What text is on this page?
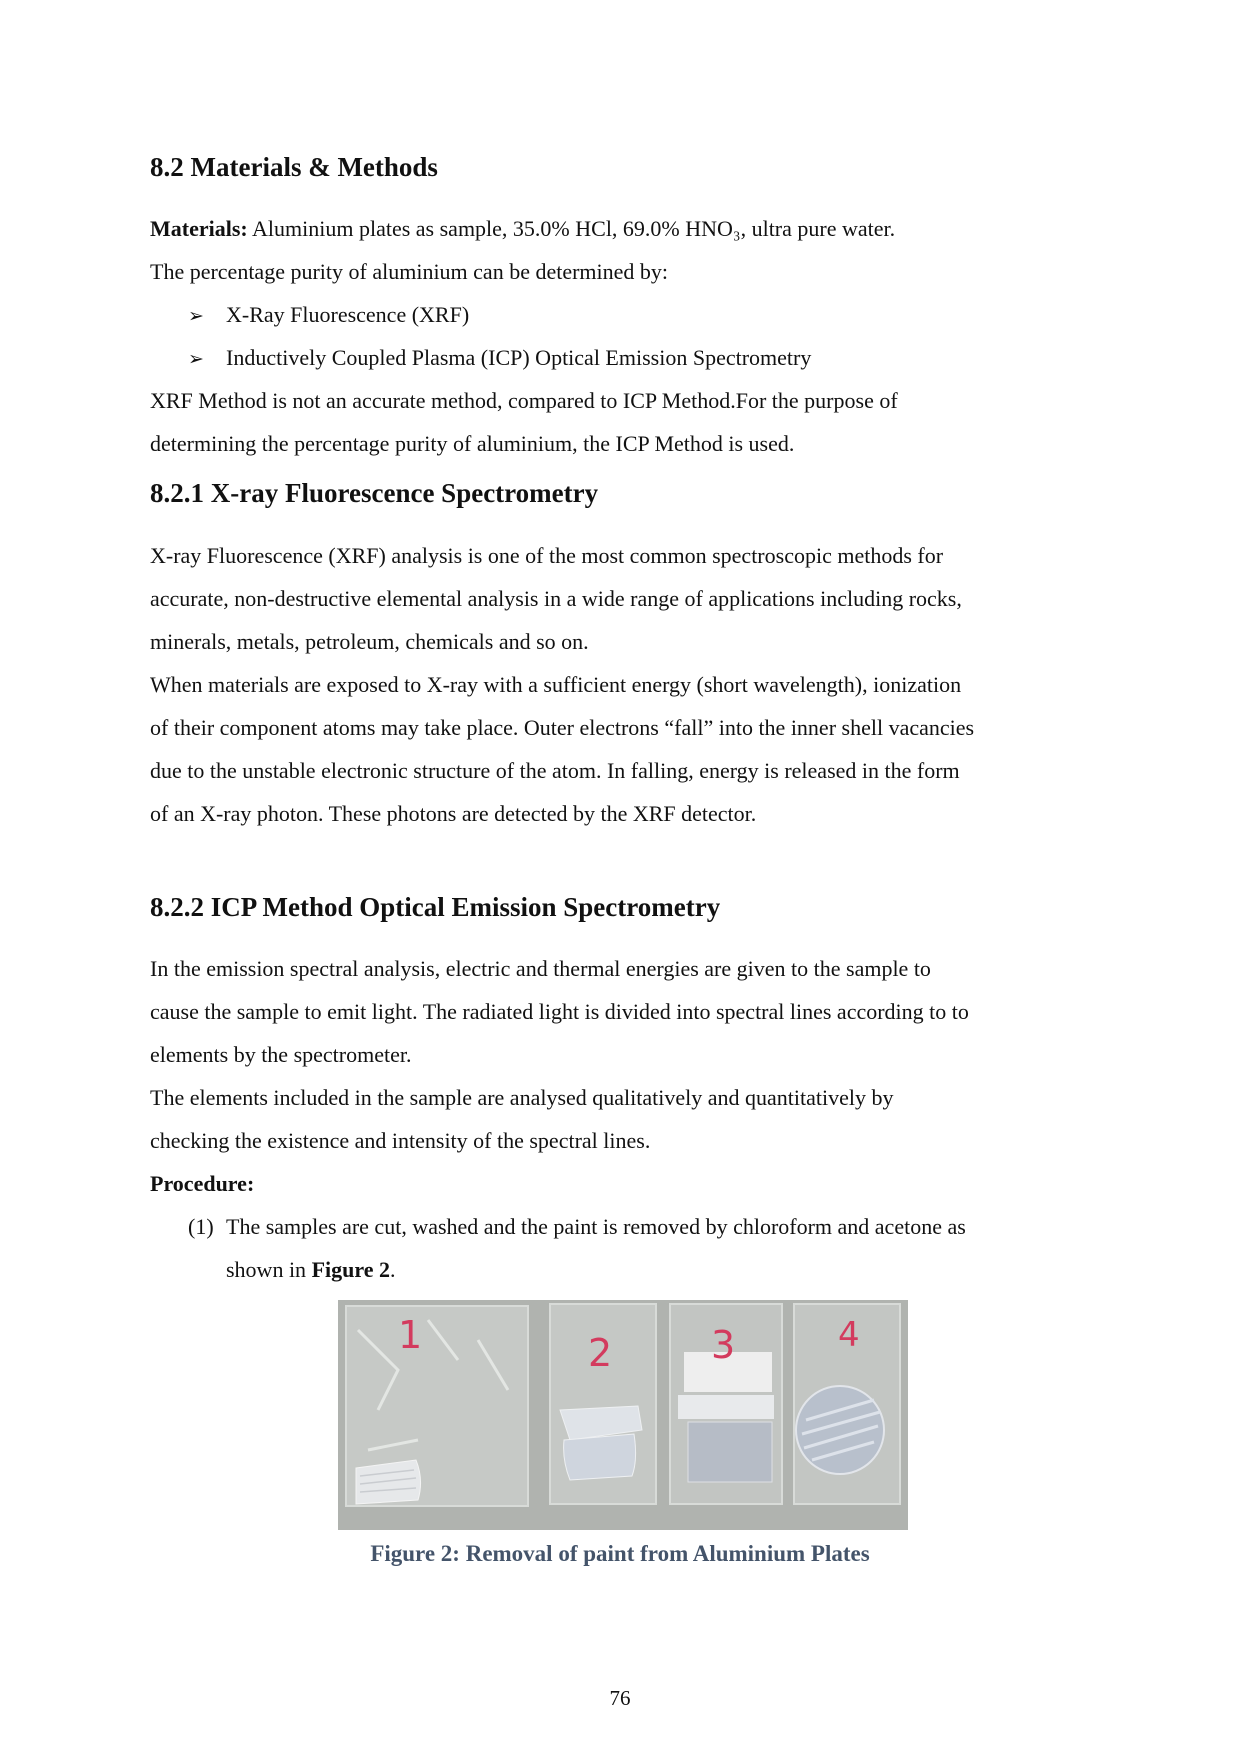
8.2 Materials & Methods
Materials: Aluminium plates as sample, 35.0% HCl, 69.0% HNO₃, ultra pure water.
The percentage purity of aluminium can be determined by:
➢ X-Ray Fluorescence (XRF)
➢ Inductively Coupled Plasma (ICP) Optical Emission Spectrometry
XRF Method is not an accurate method, compared to ICP Method.For the purpose of
determining the percentage purity of aluminium, the ICP Method is used.
8.2.1 X-ray Fluorescence Spectrometry
X-ray Fluorescence (XRF) analysis is one of the most common spectroscopic methods for
accurate, non-destructive elemental analysis in a wide range of applications including rocks,
minerals, metals, petroleum, chemicals and so on.
When materials are exposed to X-ray with a sufficient energy (short wavelength), ionization
of their component atoms may take place. Outer electrons “fall” into the inner shell vacancies
due to the unstable electronic structure of the atom. In falling, energy is released in the form
of an X-ray photon. These photons are detected by the XRF detector.
8.2.2 ICP Method Optical Emission Spectrometry
In the emission spectral analysis, electric and thermal energies are given to the sample to
cause the sample to emit light. The radiated light is divided into spectral lines according to to
elements by the spectrometer.
The elements included in the sample are analysed qualitatively and quantitatively by
checking the existence and intensity of the spectral lines.
Procedure:
(1) The samples are cut, washed and the paint is removed by chloroform and acetone as
shown in Figure 2.
1	2	3	4
Figure 2: Removal of paint from Aluminium Plates
76
